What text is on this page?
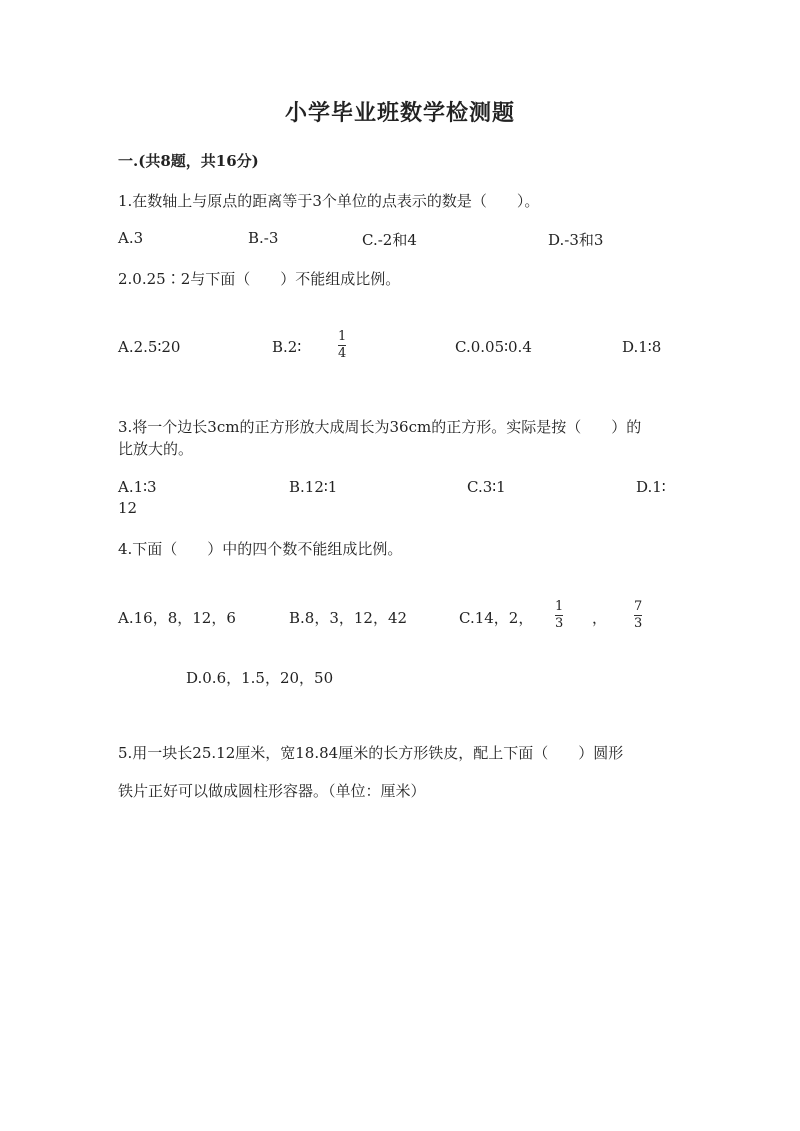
小学毕业班数学检测题
一.(共8题，共16分)
1.在数轴上与原点的距离等于3个单位的点表示的数是（　　）。
A.3	B.-3	C.-2和4	D.-3和3
2.0.25∶2与下面（　　）不能组成比例。
A.2.5∶20	B.2∶
1
4	C.0.05∶0.4	D.1∶8
3.将一个边长3cm的正方形放大成周长为36cm的正方形。实际是按（　　）的
比放大的。
A.1∶3	B.12∶1	C.3∶1	D.1∶
12
4.下面（　　）中的四个数不能组成比例。
A.16，8，12，6	B.8，3，12，42	C.14，2，
1
3 ，
7
3
D.0.6，1.5，20，50
5.用一块长25.12厘米，宽18.84厘米的长方形铁皮，配上下面（　　）圆形
铁片正好可以做成圆柱形容器。（单位：厘米）
